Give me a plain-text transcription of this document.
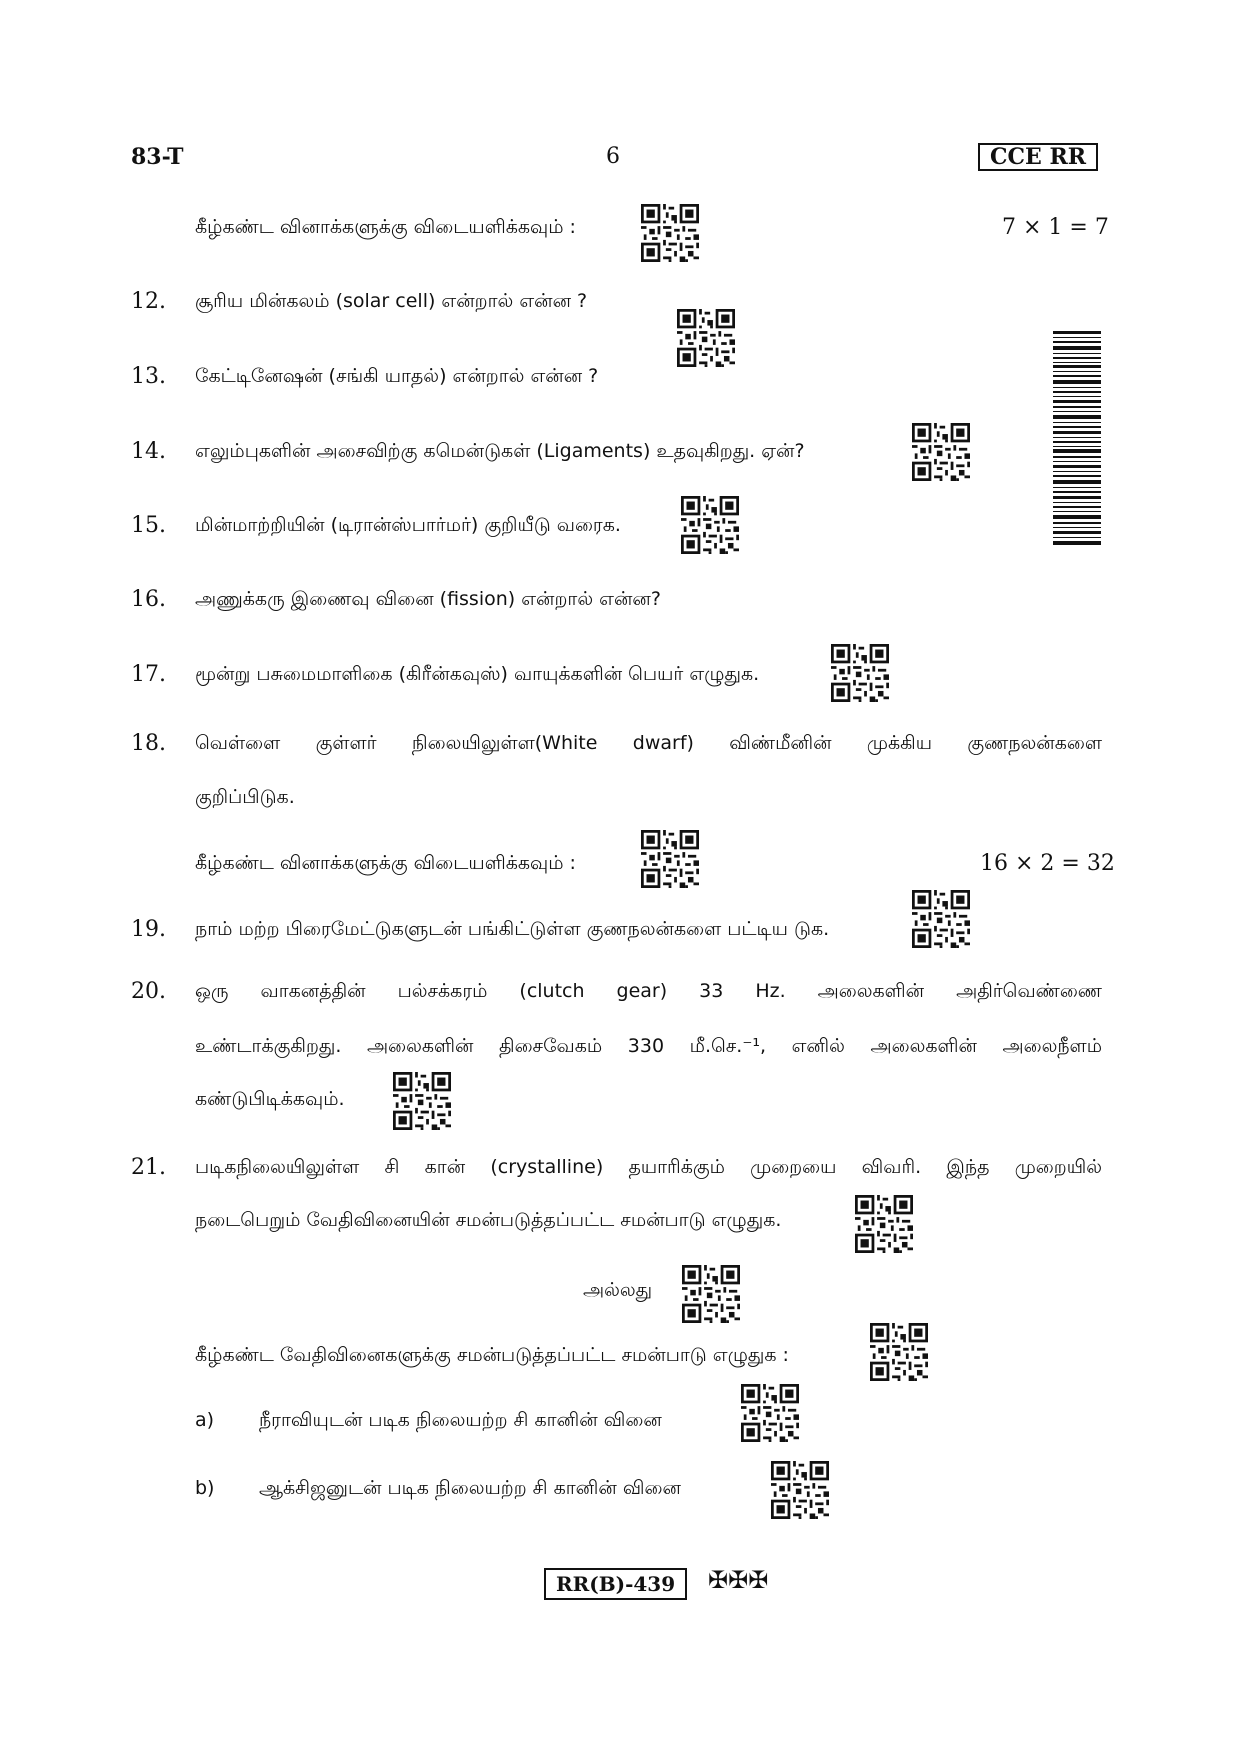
83-T	6	CCE RR
கீழ்கண்ட வினாக்களுக்கு விடையளிக்கவும் :	7 × 1 = 7
12. சூரிய மின்கலம் (solar cell) என்றால் என்ன ?
13. கேட்டினேஷன் (சங்கி யாதல்) என்றால் என்ன ?
14. எலும்புகளின் அசைவிற்கு கமென்டுகள் (Ligaments) உதவுகிறது. ஏன்?
15. மின்மாற்றியின் (டிரான்ஸ்பார்மர்) குறியீடு வரைக.
16. அணுக்கரு இணைவு வினை (fission) என்றால் என்ன?
17. மூன்று பசுமைமாளிகை (கிரீன்கவுஸ்) வாயுக்களின் பெயர் எழுதுக.
18. வெள்ளை குள்ளர் நிலையிலுள்ள(White dwarf) விண்மீனின் முக்கிய குணநலன்களை
குறிப்பிடுக.
கீழ்கண்ட வினாக்களுக்கு விடையளிக்கவும் :	16 × 2 = 32
19. நாம் மற்ற பிரைமேட்டுகளுடன் பங்கிட்டுள்ள குணநலன்களை பட்டிய டுக.
20. ஒரு வாகனத்தின் பல்சக்கரம் (clutch gear) 33 Hz. அலைகளின் அதிர்வெண்ணை
உண்டாக்குகிறது. அலைகளின் திசைவேகம் 330 மீ.செ.⁻¹, எனில் அலைகளின் அலைநீளம்
கண்டுபிடிக்கவும்.
21. படிகநிலையிலுள்ள சி கான் (crystalline) தயாரிக்கும் முறையை விவரி. இந்த முறையில்
நடைபெறும் வேதிவினையின் சமன்படுத்தப்பட்ட சமன்பாடு எழுதுக.
அல்லது
கீழ்கண்ட வேதிவினைகளுக்கு சமன்படுத்தப்பட்ட சமன்பாடு எழுதுக :
a) நீராவியுடன் படிக நிலையற்ற சி கானின் வினை
b) ஆக்சிஜனுடன் படிக நிலையற்ற சி கானின் வினை
RR(B)-439	✠✠✠
